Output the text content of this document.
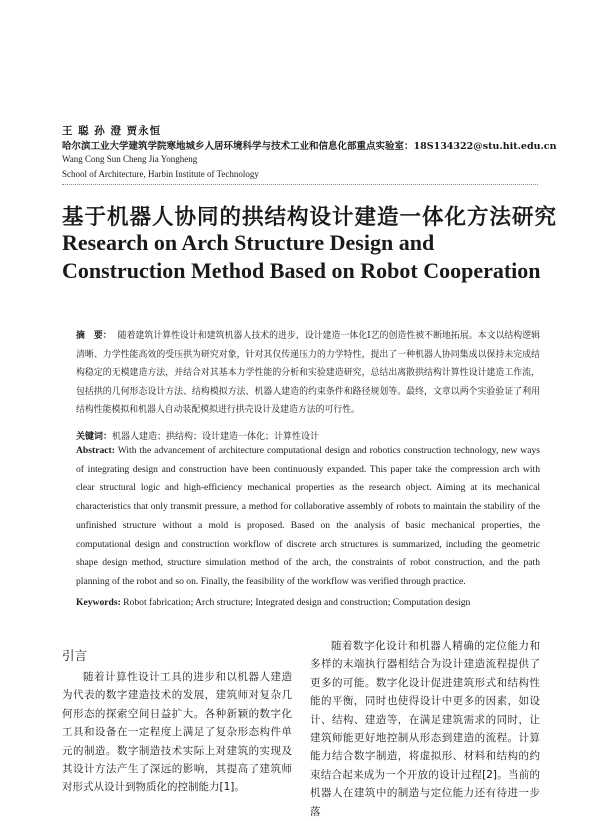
王 聪 孙 澄 贾永恒
哈尔滨工业大学建筑学院寒地城乡人居环境科学与技术工业和信息化部重点实验室：18S134322@stu.hit.edu.cn
Wang Cong Sun Cheng Jia Yongheng
School of Architecture, Harbin Institute of Technology
基于机器人协同的拱结构设计建造一体化方法研究
Research on Arch Structure Design and Construction Method Based on Robot Cooperation
摘　要： 随着建筑计算性设计和建筑机器人技术的进步，设计建造一体化Ⅰ艺的创造性被不断地拓展。本文以结构逻辑清晰、力学性能高效的受压拱为研究对象，针对其仅传递压力的力学特性，提出了一种机器人协同集成以保持未完成结构稳定的无模建造方法，并结合对其基本力学性能的分析和实验建造研究，总结出离散拱结构计算性设计建造工作流，包括拱的几何形态设计方法、结构模拟方法、机器人建造的约束条件和路径规划等。最终，文章以两个实验验证了利用结构性能模拟和机器人自动装配模拟进行拱壳设计及建造方法的可行性。
关键词：机器人建造；拱结构；设计建造一体化；计算性设计
Abstract: With the advancement of architecture computational design and robotics construction technology, new ways of integrating design and construction have been continuously expanded. This paper take the compression arch with clear structural logic and high-efficiency mechanical properties as the research object. Aiming at its mechanical characteristics that only transmit pressure, a method for collaborative assembly of robots to maintain the stability of the unfinished structure without a mold is proposed. Based on the analysis of basic mechanical properties, the computational design and construction workflow of discrete arch structures is summarized, including the geometric shape design method, structure simulation method of the arch, the constraints of robot construction, and the path planning of the robot and so on. Finally, the feasibility of the workflow was verified through practice.
Keywords: Robot fabrication; Arch structure; Integrated design and construction; Computation design
引言
随着计算性设计工具的进步和以机器人建造为代表的数字建造技术的发展，建筑师对复杂几何形态的探索空间日益扩大。各种新颖的数字化工具和设备在一定程度上满足了复杂形态构件单元的制造。数字制造技术实际上对建筑的实现及其设计方法产生了深远的影响，其提高了建筑师对形式从设计到物质化的控制能力[1]。
随着数字化设计和机器人精确的定位能力和多样的末端执行器相结合为设计建造流程提供了更多的可能。数字化设计促进建筑形式和结构性能的平衡，同时也使得设计中更多的因素，如设计、结构、建造等，在满足建筑需求的同时，让建筑师能更好地控制从形态到建造的流程。计算能力结合数字制造，将虚拟形、材料和结构的约束结合起来成为一个开放的设计过程[2]。当前的机器人在建筑中的制造与定位能力还有待进一步落
